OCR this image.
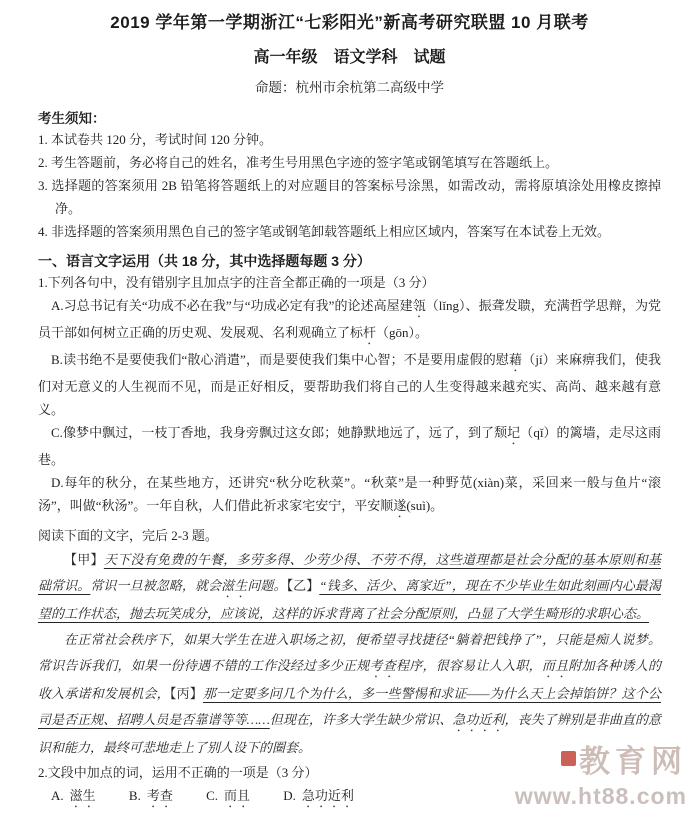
教育网
www.ht88.com
2019 学年第一学期浙江“七彩阳光”新高考研究联盟 10 月联考
高一年级　语文学科　试题
命题：杭州市余杭第二高级中学
考生须知：

1. 本试卷共 120 分，考试时间 120 分钟。

2. 考生答题前，务必将自己的姓名，准考生号用黑色字迹的签字笔或钢笔填写在答题纸上。

3. 选择题的答案须用 2B 铅笔将答题纸上的对应题目的答案标号涂黑，如需改动，需将原填涂处用橡皮擦掉净。

4. 非选择题的答案须用黑色自己的签字笔或钢笔卸载答题纸上相应区域内，答案写在本试卷上无效。

一、语言文字运用（共 18 分，其中选择题每题 3 分）

1.下列各句中，没有错别字且加点字的注音全都正确的一项是（3 分）

A.习总书记有关“功成不必在我”与“功成必定有我”的论述高屋建瓴（lǐng）、振聋发聩，充满哲学思辩，为党员干部如何树立正确的历史观、发展观、名利观确立了标杆（gōn）。

B.读书绝不是要使我们“散心消遣”，而是要使我们集中心智；不是要用虚假的慰藉（jí）来麻痹我们，使我们对无意义的人生视而不见，而是正好相反，要帮助我们将自己的人生变得越来越充实、高尚、越来越有意义。

C.像梦中飘过，一枝丁香地，我身旁飘过这女郎；她静默地远了，远了，到了颓圮（qǐ）的篱墙，走尽这雨巷。

D.每年的秋分，在某些地方，还讲究“秋分吃秋菜”。“秋菜”是一种野苋(xiàn)菜，采回来一般与鱼片“滚汤”，叫做“秋汤”。一年自秋，人们借此祈求家宅安宁，平安顺遂(suì)。

阅读下面的文字，完后 2-3 题。

【甲】天下没有免费的午餐，多劳多得、少劳少得、不劳不得，这些道理都是社会分配的基本原则和基础常识。常识一旦被忽略，就会滋生问题。【乙】“钱多、活少、离家近”，现在不少毕业生如此刻画内心最渴望的工作状态，抛去玩笑成分，应该说，这样的诉求背离了社会分配原则，凸显了大学生畸形的求职心态。

在正常社会秩序下，如果大学生在进入职场之初，便希望寻找捷径“躺着把钱挣了”，只能是痴人说梦。常识告诉我们，如果一份待遇不错的工作没经过多少正规考查程序，很容易让人入职，而且附加各种诱人的收入承诺和发展机会，【丙】那一定要多问几个为什么，多一些警惕和求证——为什么天上会掉馅饼？这个公司是否正规、招聘人员是否靠谱等等……但现在，许多大学生缺少常识、急功近利，丧失了辨别是非曲直的意识和能力，最终可悲地走上了别人设下的圈套。

2.文段中加点的词，运用不正确的一项是（3 分）

A. 滋生	B. 考查	C. 而且	D. 急功近利
